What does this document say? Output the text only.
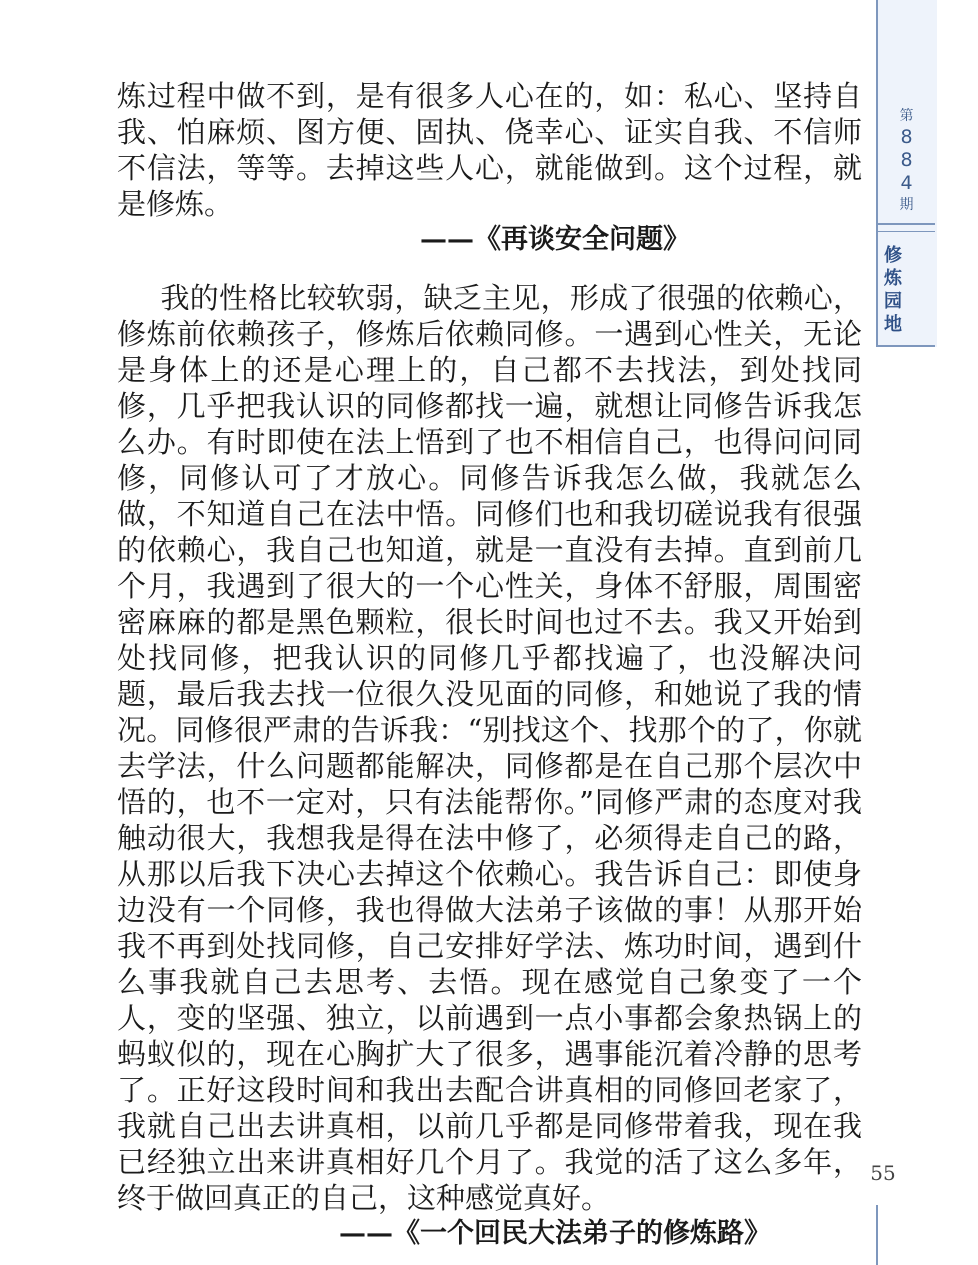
第
8
8
4
期
修
炼
园
地

炼过程中做不到，是有很多人心在的，如：私心、坚持自我、怕麻烦、图方便、固执、侥幸心、证实自我、不信师不信法，等等。去掉这些人心，就能做到。这个过程，就是修炼。

——《再谈安全问题》

我的性格比较软弱，缺乏主见，形成了很强的依赖心，修炼前依赖孩子，修炼后依赖同修。一遇到心性关，无论是身体上的还是心理上的，自己都不去找法，到处找同修，几乎把我认识的同修都找一遍，就想让同修告诉我怎么办。有时即使在法上悟到了也不相信自己，也得问问同修，同修认可了才放心。同修告诉我怎么做，我就怎么做，不知道自己在法中悟。同修们也和我切磋说我有很强的依赖心，我自己也知道，就是一直没有去掉。直到前几个月，我遇到了很大的一个心性关，身体不舒服，周围密密麻麻的都是黑色颗粒，很长时间也过不去。我又开始到处找同修，把我认识的同修几乎都找遍了，也没解决问题，最后我去找一位很久没见面的同修，和她说了我的情况。同修很严肃的告诉我：“别找这个、找那个的了，你就去学法，什么问题都能解决，同修都是在自己那个层次中悟的，也不一定对，只有法能帮你。”同修严肃的态度对我触动很大，我想我是得在法中修了，必须得走自己的路，从那以后我下决心去掉这个依赖心。我告诉自己：即使身边没有一个同修，我也得做大法弟子该做的事！从那开始我不再到处找同修，自己安排好学法、炼功时间，遇到什么事我就自己去思考、去悟。现在感觉自己象变了一个人，变的坚强、独立，以前遇到一点小事都会象热锅上的蚂蚁似的，现在心胸扩大了很多，遇事能沉着冷静的思考了。正好这段时间和我出去配合讲真相的同修回老家了，我就自己出去讲真相，以前几乎都是同修带着我，现在我已经独立出来讲真相好几个月了。我觉的活了这么多年，终于做回真正的自己，这种感觉真好。

——《一个回民大法弟子的修炼路》

55
